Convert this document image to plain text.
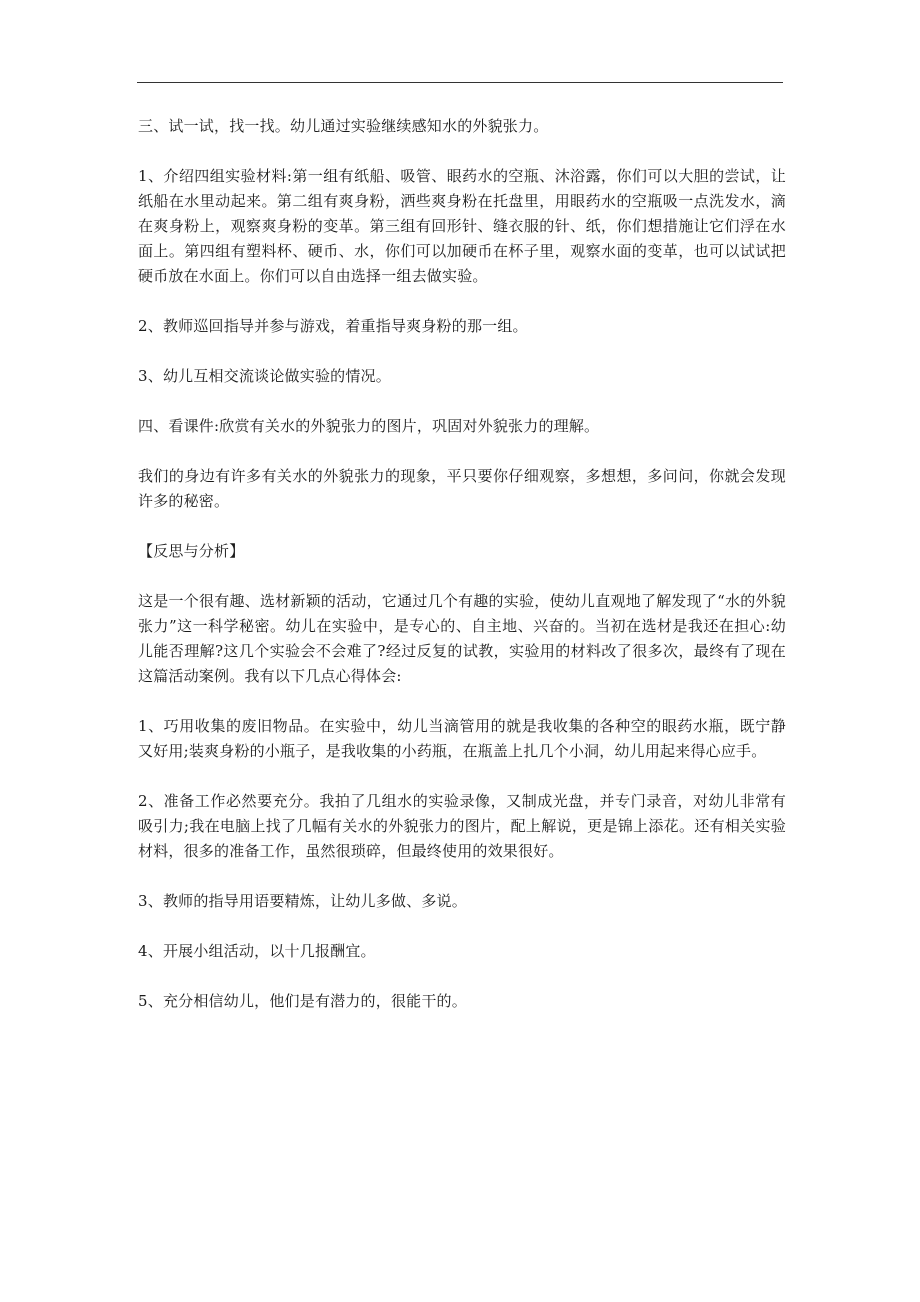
三、试一试，找一找。幼儿通过实验继续感知水的外貌张力。

1、介绍四组实验材料:第一组有纸船、吸管、眼药水的空瓶、沐浴露，你们可以大胆的尝试，让纸船在水里动起来。第二组有爽身粉，洒些爽身粉在托盘里，用眼药水的空瓶吸一点洗发水，滴在爽身粉上，观察爽身粉的变革。第三组有回形针、缝衣服的针、纸，你们想措施让它们浮在水面上。第四组有塑料杯、硬币、水，你们可以加硬币在杯子里，观察水面的变革，也可以试试把硬币放在水面上。你们可以自由选择一组去做实验。

2、教师巡回指导并参与游戏，着重指导爽身粉的那一组。

3、幼儿互相交流谈论做实验的情况。

四、看课件:欣赏有关水的外貌张力的图片，巩固对外貌张力的理解。

我们的身边有许多有关水的外貌张力的现象，平只要你仔细观察，多想想，多问问，你就会发现许多的秘密。

【反思与分析】

这是一个很有趣、选材新颖的活动，它通过几个有趣的实验，使幼儿直观地了解发现了“水的外貌张力”这一科学秘密。幼儿在实验中，是专心的、自主地、兴奋的。当初在选材是我还在担心:幼儿能否理解?这几个实验会不会难了?经过反复的试教，实验用的材料改了很多次，最终有了现在这篇活动案例。我有以下几点心得体会:

1、巧用收集的废旧物品。在实验中，幼儿当滴管用的就是我收集的各种空的眼药水瓶，既宁静又好用;装爽身粉的小瓶子，是我收集的小药瓶，在瓶盖上扎几个小洞，幼儿用起来得心应手。

2、准备工作必然要充分。我拍了几组水的实验录像，又制成光盘，并专门录音，对幼儿非常有吸引力;我在电脑上找了几幅有关水的外貌张力的图片，配上解说，更是锦上添花。还有相关实验材料，很多的准备工作，虽然很琐碎，但最终使用的效果很好。

3、教师的指导用语要精炼，让幼儿多做、多说。

4、开展小组活动，以十几报酬宜。

5、充分相信幼儿，他们是有潜力的，很能干的。
